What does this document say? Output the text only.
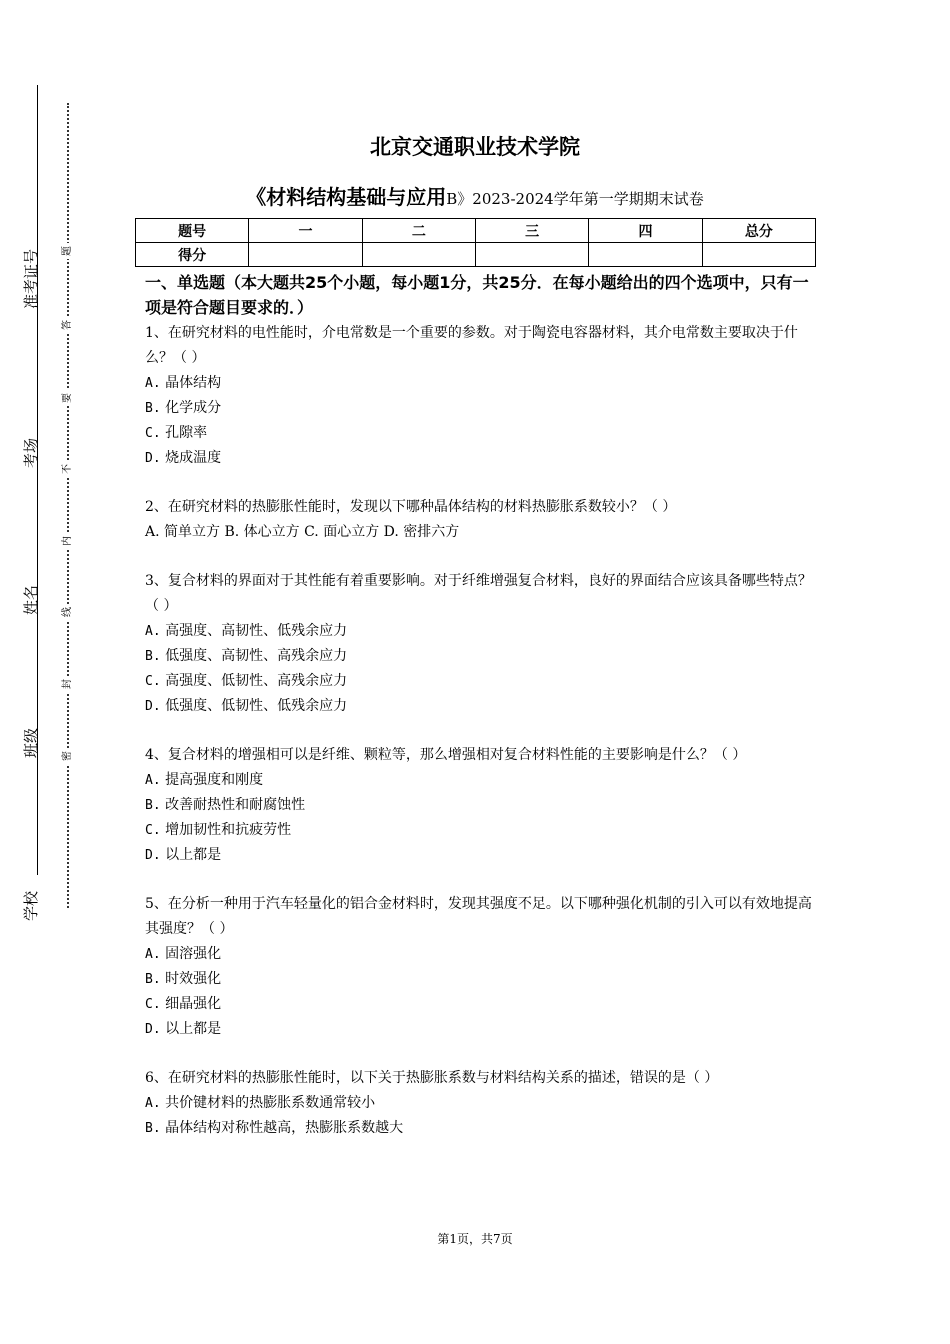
准考证号
考场
姓名
班级
学校
题
答
要
不
内
线
封
密
北京交通职业技术学院
《材料结构基础与应用B》2023-2024学年第一学期期末试卷
题号	一	二	三	四	总分
得分					
一、单选题（本大题共25个小题，每小题1分，共25分．在每小题给出的四个选项中，只有一项是符合题目要求的．）

1、在研究材料的电性能时，介电常数是一个重要的参数。对于陶瓷电容器材料，其介电常数主要取决于什么？（ ）

A. 晶体结构

B. 化学成分

C. 孔隙率

D. 烧成温度

2、在研究材料的热膨胀性能时，发现以下哪种晶体结构的材料热膨胀系数较小？（ ）

A. 简单立方 B. 体心立方 C. 面心立方 D. 密排六方

3、复合材料的界面对于其性能有着重要影响。对于纤维增强复合材料，良好的界面结合应该具备哪些特点？（ ）

A. 高强度、高韧性、低残余应力

B. 低强度、高韧性、高残余应力

C. 高强度、低韧性、高残余应力

D. 低强度、低韧性、低残余应力

4、复合材料的增强相可以是纤维、颗粒等，那么增强相对复合材料性能的主要影响是什么？（ ）

A. 提高强度和刚度

B. 改善耐热性和耐腐蚀性

C. 增加韧性和抗疲劳性

D. 以上都是

5、在分析一种用于汽车轻量化的铝合金材料时，发现其强度不足。以下哪种强化机制的引入可以有效地提高其强度？（ ）

A. 固溶强化

B. 时效强化

C. 细晶强化

D. 以上都是

6、在研究材料的热膨胀性能时，以下关于热膨胀系数与材料结构关系的描述，错误的是（ ）

A. 共价键材料的热膨胀系数通常较小

B. 晶体结构对称性越高，热膨胀系数越大

第1页，共7页
